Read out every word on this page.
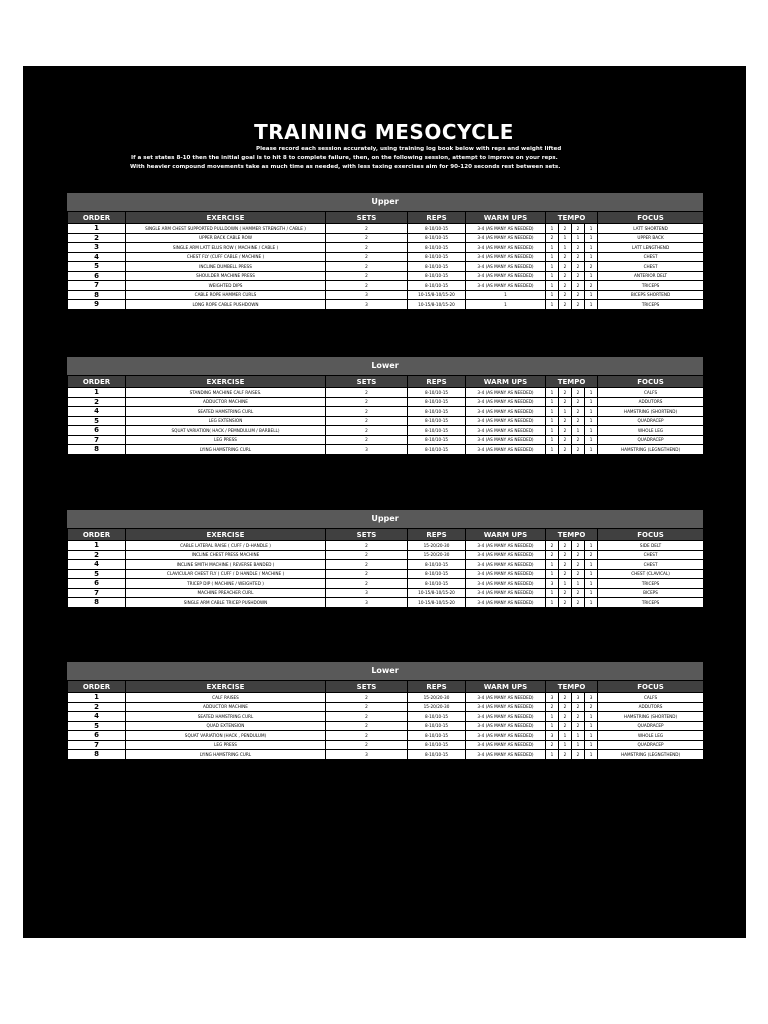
TRAINING MESOCYCLE
Please record each session accurately, using training log book below with reps and weight lifted
If a set states 8-10 then the initial goal is to hit 8 to complete failure, then, on the following session, attempt to improve on your reps.
With heavier compound movements take as much time as needed, with less taxing exercises aim for 90-120 seconds rest between sets.
Upper
ORDER	EXERCISE	SETS	REPS	WARM UPS	TEMPO				FOCUS
1	SINGLE ARM CHEST SUPPORTED PULLDOWN ( HAMMER STRENGTH / CABLE )	2	8-10/10-15	3-4 (AS MANY AS NEEDED)	1	2	2	1	LATT SHORTEND
2	UPPER BACK CABLE ROW	2	8-10/10-15	3-4 (AS MANY AS NEEDED)	2	1	1	1	UPPER BACK
3	SINGLE ARM LATT ELUS ROW ( MACHINE / CABLE )	2	8-10/10-15	3-4 (AS MANY AS NEEDED)	1	1	2	1	LATT LENGTHEND
4	CHEST FLY (CUFF CABLE / MACHINE )	2	8-10/10-15	3-4 (AS MANY AS NEEDED)	1	2	2	1	CHEST
5	INCLINE DUMBELL PRESS	2	8-10/10-15	3-4 (AS MANY AS NEEDED)	1	2	2	2	CHEST
6	SHOULDER MACHINE PRESS	2	8-10/10-15	3-4 (AS MANY AS NEEDED)	1	2	2	1	ANTERIOR DELT
7	WEIGHTED DIPS	2	8-10/10-15	3-4 (AS MANY AS NEEDED)	1	2	2	2	TRICEPS
8	CABLE ROPE HAMMER CURLS	3	10-15/8-10/15-20	1	1	2	2	1	BICEPS SHORTEND
9	LONG ROPE CABLE PUSHDOWN	3	10-15/8-10/15-20	1	1	2	2	1	TRICEPS
Lower
ORDER	EXERCISE	SETS	REPS	WARM UPS	TEMPO				FOCUS
1	STANDING MACHINE CALF RAISES.	2	8-10/10-15	3-4 (AS MANY AS NEEDED)	1	2	2	1	CALFS
2	ADDUCTOR MACHINE	2	8-10/10-15	3-4 (AS MANY AS NEEDED)	1	2	2	1	ADDUTORS
4	SEATED HAMSTRING CURL	2	8-10/10-15	3-4 (AS MANY AS NEEDED)	1	1	2	1	HAMSTRING (SHORTEND)
5	LEG EXTENSION	2	8-10/10-15	3-4 (AS MANY AS NEEDED)	1	2	2	1	QUADRACEP
6	SQUAT VARIATION( HACK / PEMNDULUM / BARBELL)	2	8-10/10-15	3-4 (AS MANY AS NEEDED)	1	2	1	1	WHOLE LEG
7	LEG PRESS	2	8-10/10-15	3-4 (AS MANY AS NEEDED)	1	2	2	1	QUADRACEP
8	LYING HAMSTRING CURL	3	8-10/10-15	3-4 (AS MANY AS NEEDED)	1	2	2	1	HAMSTRING (LEGNGTHEND)
Upper
ORDER	EXERCISE	SETS	REPS	WARM UPS	TEMPO				FOCUS
1	CABLE LATERAL RAISE ( CUFF / D-HANDLE )	2	15-20/20-30	3-4 (AS MANY AS NEEDED)	2	2	2	1	SIDE DELT
2	INCLINE CHEST PRESS MACHINE	2	15-20/20-30	3-4 (AS MANY AS NEEDED)	2	2	2	2	CHEST
4	INCLINE SMITH MACHINE ( REVERSE BANDED )	2	8-10/10-15	3-4 (AS MANY AS NEEDED)	1	2	2	1	CHEST
5	CLAVICULAR CHEST FLY ( CUFF / D HANDLE / MACHINE )	2	8-10/10-15	3-4 (AS MANY AS NEEDED)	1	2	2	1	CHEST (CLAVICAL)
6	TRICEP DIP ( MACHINE / WEIGHTED )	2	8-10/10-15	3-4 (AS MANY AS NEEDED)	3	1	1	1	TRICEPS
7	MACHINE PREACHER CURL	3	10-15/8-10/15-20	3-4 (AS MANY AS NEEDED)	1	2	2	1	BICEPS
8	SINGLE ARM CABLE TRICEP PUSHDOWN	3	10-15/8-10/15-20	3-4 (AS MANY AS NEEDED)	1	2	2	1	TRICEPS
Lower
ORDER	EXERCISE	SETS	REPS	WARM UPS	TEMPO				FOCUS
1	CALF RAISES	2	15-20/20-30	3-4 (AS MANY AS NEEDED)	3	2	3	3	CALFS
2	ADDUCTOR MACHINE	2	15-20/20-30	3-4 (AS MANY AS NEEDED)	2	2	2	2	ADDUTORS
4	SEATED HAMSTRING CURL	2	8-10/10-15	3-4 (AS MANY AS NEEDED)	1	2	2	1	HAMSTRING (SHORTEND)
5	QUAD EXTENSION	2	8-10/10-15	3-4 (AS MANY AS NEEDED)	1	2	2	1	QUADRACEP
6	SQUAT VARIATION (HACK , PENDULUM)	2	8-10/10-15	3-4 (AS MANY AS NEEDED)	3	1	1	1	WHOLE LEG
7	LEG PRESS	2	8-10/10-15	3-4 (AS MANY AS NEEDED)	2	1	1	1	QUADRACEP
8	LYING HAMSTRING CURL	3	8-10/10-15	3-4 (AS MANY AS NEEDED)	1	2	2	1	HAMSTRING (LEGNGTHEND)
